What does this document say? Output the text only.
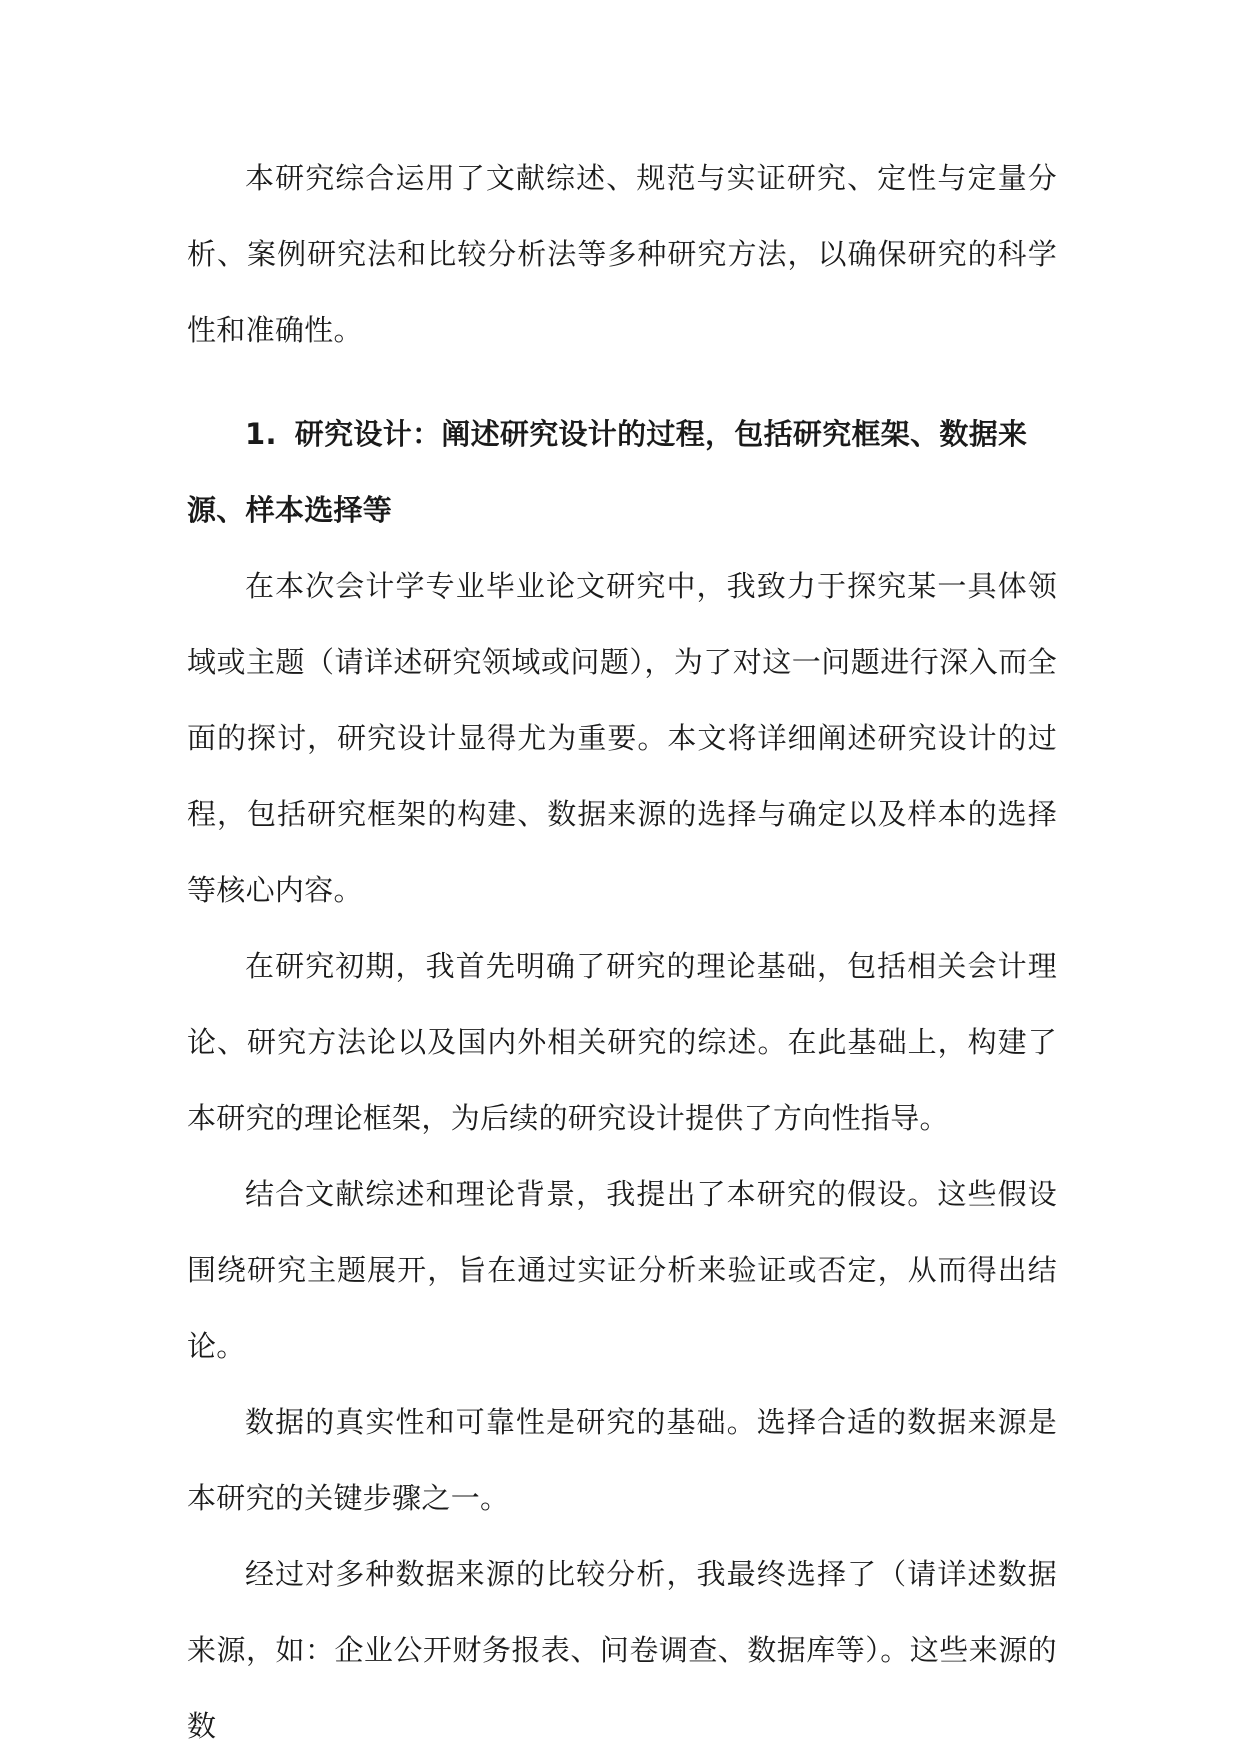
本研究综合运用了文献综述、规范与实证研究、定性与定量分析、案例研究法和比较分析法等多种研究方法，以确保研究的科学性和准确性。

1. 研究设计：阐述研究设计的过程，包括研究框架、数据来源、样本选择等

在本次会计学专业毕业论文研究中，我致力于探究某一具体领域或主题（请详述研究领域或问题），为了对这一问题进行深入而全面的探讨，研究设计显得尤为重要。本文将详细阐述研究设计的过程，包括研究框架的构建、数据来源的选择与确定以及样本的选择等核心内容。

在研究初期，我首先明确了研究的理论基础，包括相关会计理论、研究方法论以及国内外相关研究的综述。在此基础上，构建了本研究的理论框架，为后续的研究设计提供了方向性指导。

结合文献综述和理论背景，我提出了本研究的假设。这些假设围绕研究主题展开，旨在通过实证分析来验证或否定，从而得出结论。

数据的真实性和可靠性是研究的基础。选择合适的数据来源是本研究的关键步骤之一。

经过对多种数据来源的比较分析，我最终选择了（请详述数据来源，如：企业公开财务报表、问卷调查、数据库等）。这些来源的数
